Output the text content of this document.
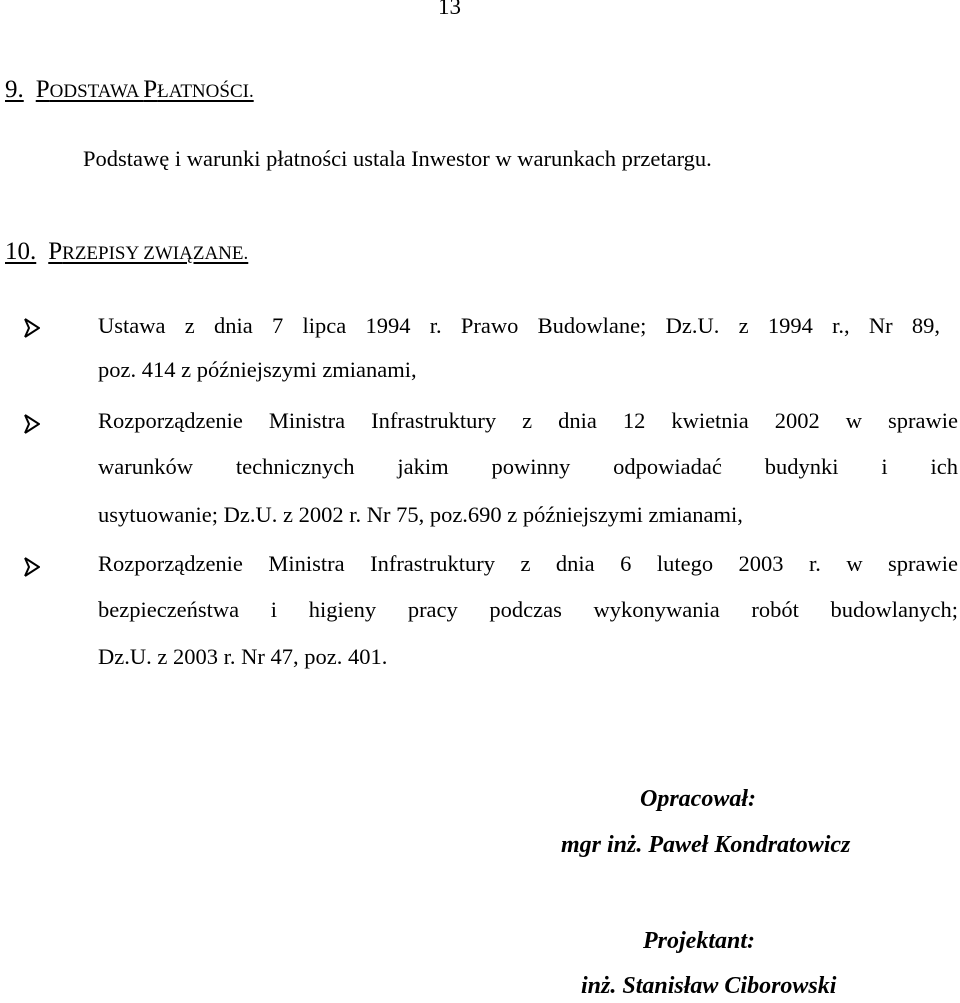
13
9. PODSTAWA PŁATNOŚCI.
Podstawę i warunki płatności ustala Inwestor w warunkach przetargu.
10. PRZEPISY ZWIĄZANE.
Ustawa z dnia 7 lipca 1994 r. Prawo Budowlane; Dz.U. z 1994 r., Nr 89,
poz. 414 z późniejszymi zmianami,
Rozporządzenie Ministra Infrastruktury z dnia 12 kwietnia 2002 w sprawie
warunków technicznych jakim powinny odpowiadać budynki i ich
usytuowanie; Dz.U. z 2002 r. Nr 75, poz.690 z późniejszymi zmianami,
Rozporządzenie Ministra Infrastruktury z dnia 6 lutego 2003 r. w sprawie
bezpieczeństwa i higieny pracy podczas wykonywania robót budowlanych;
Dz.U. z 2003 r. Nr 47, poz. 401.
Opracował:
mgr inż. Paweł Kondratowicz
Projektant:
inż. Stanisław Ciborowski
